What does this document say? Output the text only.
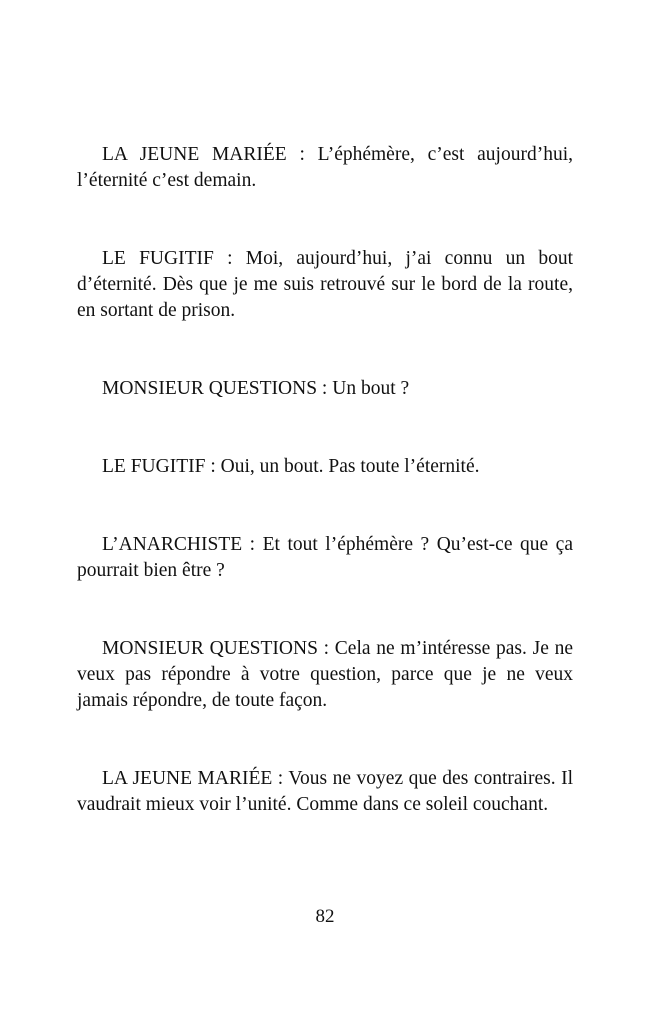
LA JEUNE MARIÉE : L’éphémère, c’est aujourd’hui, l’éternité c’est demain.

LE FUGITIF : Moi, aujourd’hui, j’ai connu un bout d’éternité. Dès que je me suis retrouvé sur le bord de la route, en sortant de prison.

MONSIEUR QUESTIONS : Un bout ?

LE FUGITIF : Oui, un bout. Pas toute l’éternité.

L’ANARCHISTE : Et tout l’éphémère ? Qu’est-ce que ça pourrait bien être ?

MONSIEUR QUESTIONS : Cela ne m’intéresse pas. Je ne veux pas répondre à votre question, parce que je ne veux jamais répondre, de toute façon.

LA JEUNE MARIÉE : Vous ne voyez que des contraires. Il vaudrait mieux voir l’unité. Comme dans ce soleil couchant.

82
